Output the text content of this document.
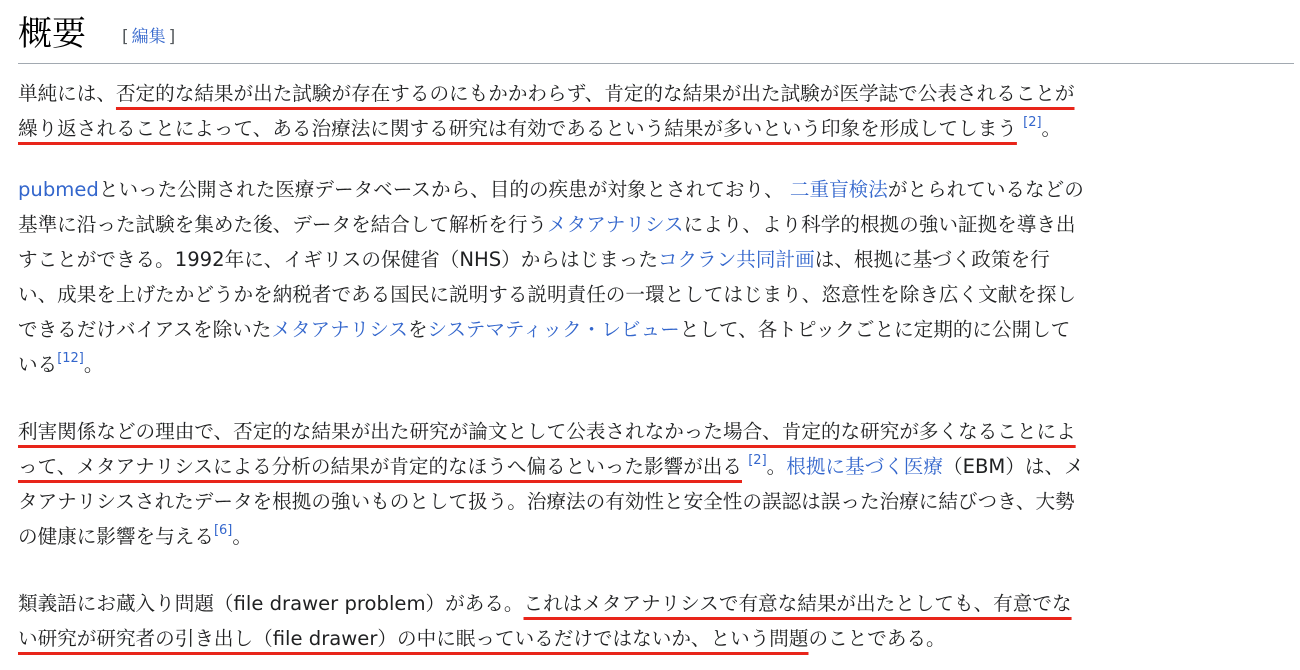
概要 [ 編集 ]

単純には、否定的な結果が出た試験が存在するのにもかかわらず、肯定的な結果が出た試験が医学誌で公表されることが
繰り返されることによって、ある治療法に関する研究は有効であるという結果が多いという印象を形成してしまう [2]。

pubmedといった公開された医療データベースから、目的の疾患が対象とされており、 二重盲検法がとられているなどの
基準に沿った試験を集めた後、データを結合して解析を行うメタアナリシスにより、より科学的根拠の強い証拠を導き出
すことができる。1992年に、イギリスの保健省（NHS）からはじまったコクラン共同計画は、根拠に基づく政策を行
い、成果を上げたかどうかを納税者である国民に説明する説明責任の一環としてはじまり、恣意性を除き広く文献を探し
できるだけバイアスを除いたメタアナリシスをシステマティック・レビューとして、各トピックごとに定期的に公開して
いる[12]。

利害関係などの理由で、否定的な結果が出た研究が論文として公表されなかった場合、肯定的な研究が多くなることによ
って、メタアナリシスによる分析の結果が肯定的なほうへ偏るといった影響が出る [2]。根拠に基づく医療（EBM）は、メ
タアナリシスされたデータを根拠の強いものとして扱う。治療法の有効性と安全性の誤認は誤った治療に結びつき、大勢
の健康に影響を与える[6]。

類義語にお蔵入り問題（file drawer problem）がある。これはメタアナリシスで有意な結果が出たとしても、有意でな
い研究が研究者の引き出し（file drawer）の中に眠っているだけではないか、という問題のことである。
